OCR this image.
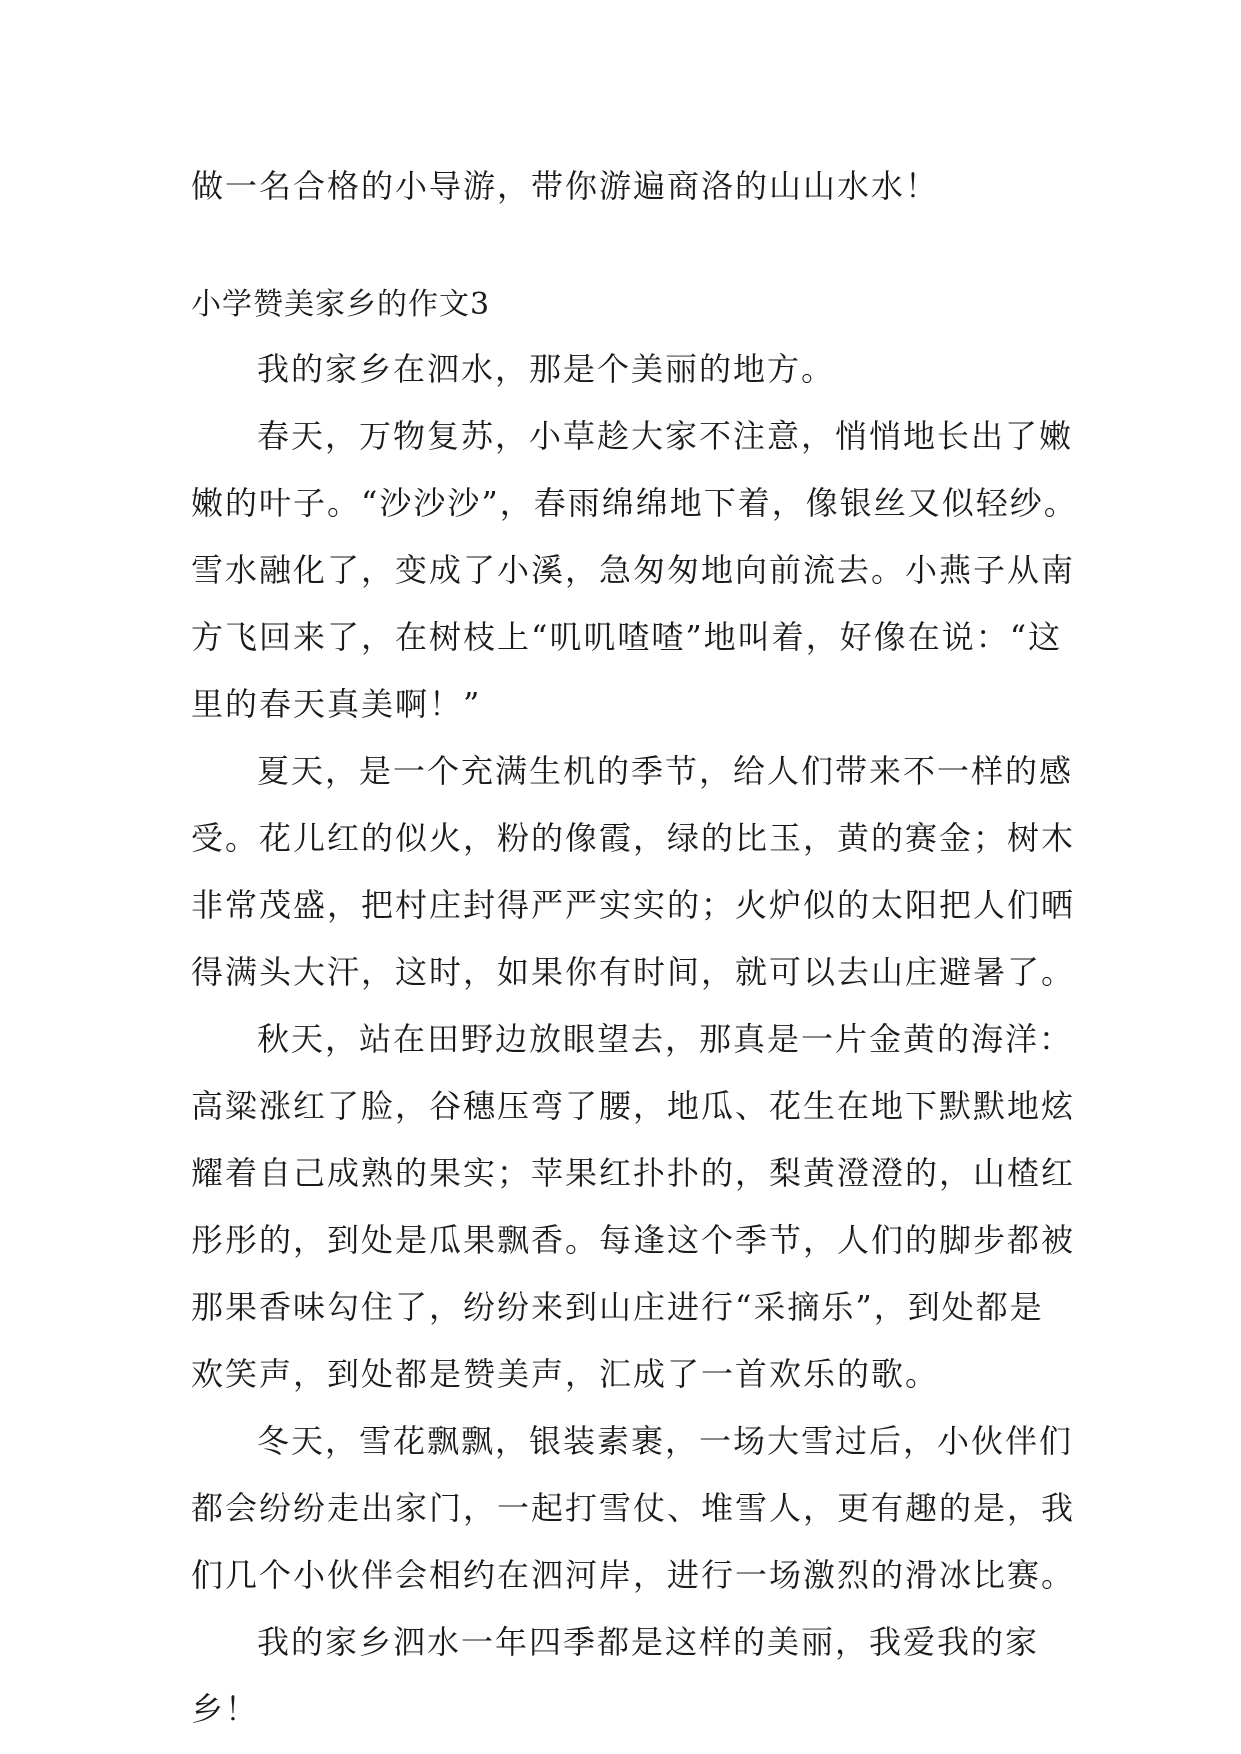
做一名合格的小导游，带你游遍商洛的山山水水！
小学赞美家乡的作文3
我的家乡在泗水，那是个美丽的地方。
春天，万物复苏，小草趁大家不注意，悄悄地长出了嫩
嫩的叶子。“沙沙沙”，春雨绵绵地下着，像银丝又似轻纱。
雪水融化了，变成了小溪，急匆匆地向前流去。小燕子从南
方飞回来了，在树枝上“叽叽喳喳”地叫着，好像在说：“这
里的春天真美啊！”
夏天，是一个充满生机的季节，给人们带来不一样的感
受。花儿红的似火，粉的像霞，绿的比玉，黄的赛金；树木
非常茂盛，把村庄封得严严实实的；火炉似的太阳把人们晒
得满头大汗，这时，如果你有时间，就可以去山庄避暑了。
秋天，站在田野边放眼望去，那真是一片金黄的海洋：
高粱涨红了脸，谷穗压弯了腰，地瓜、花生在地下默默地炫
耀着自己成熟的果实；苹果红扑扑的，梨黄澄澄的，山楂红
彤彤的，到处是瓜果飘香。每逢这个季节，人们的脚步都被
那果香味勾住了，纷纷来到山庄进行“采摘乐”，到处都是
欢笑声，到处都是赞美声，汇成了一首欢乐的歌。
冬天，雪花飘飘，银装素裹，一场大雪过后，小伙伴们
都会纷纷走出家门，一起打雪仗、堆雪人，更有趣的是，我
们几个小伙伴会相约在泗河岸，进行一场激烈的滑冰比赛。
我的家乡泗水一年四季都是这样的美丽，我爱我的家
乡！
